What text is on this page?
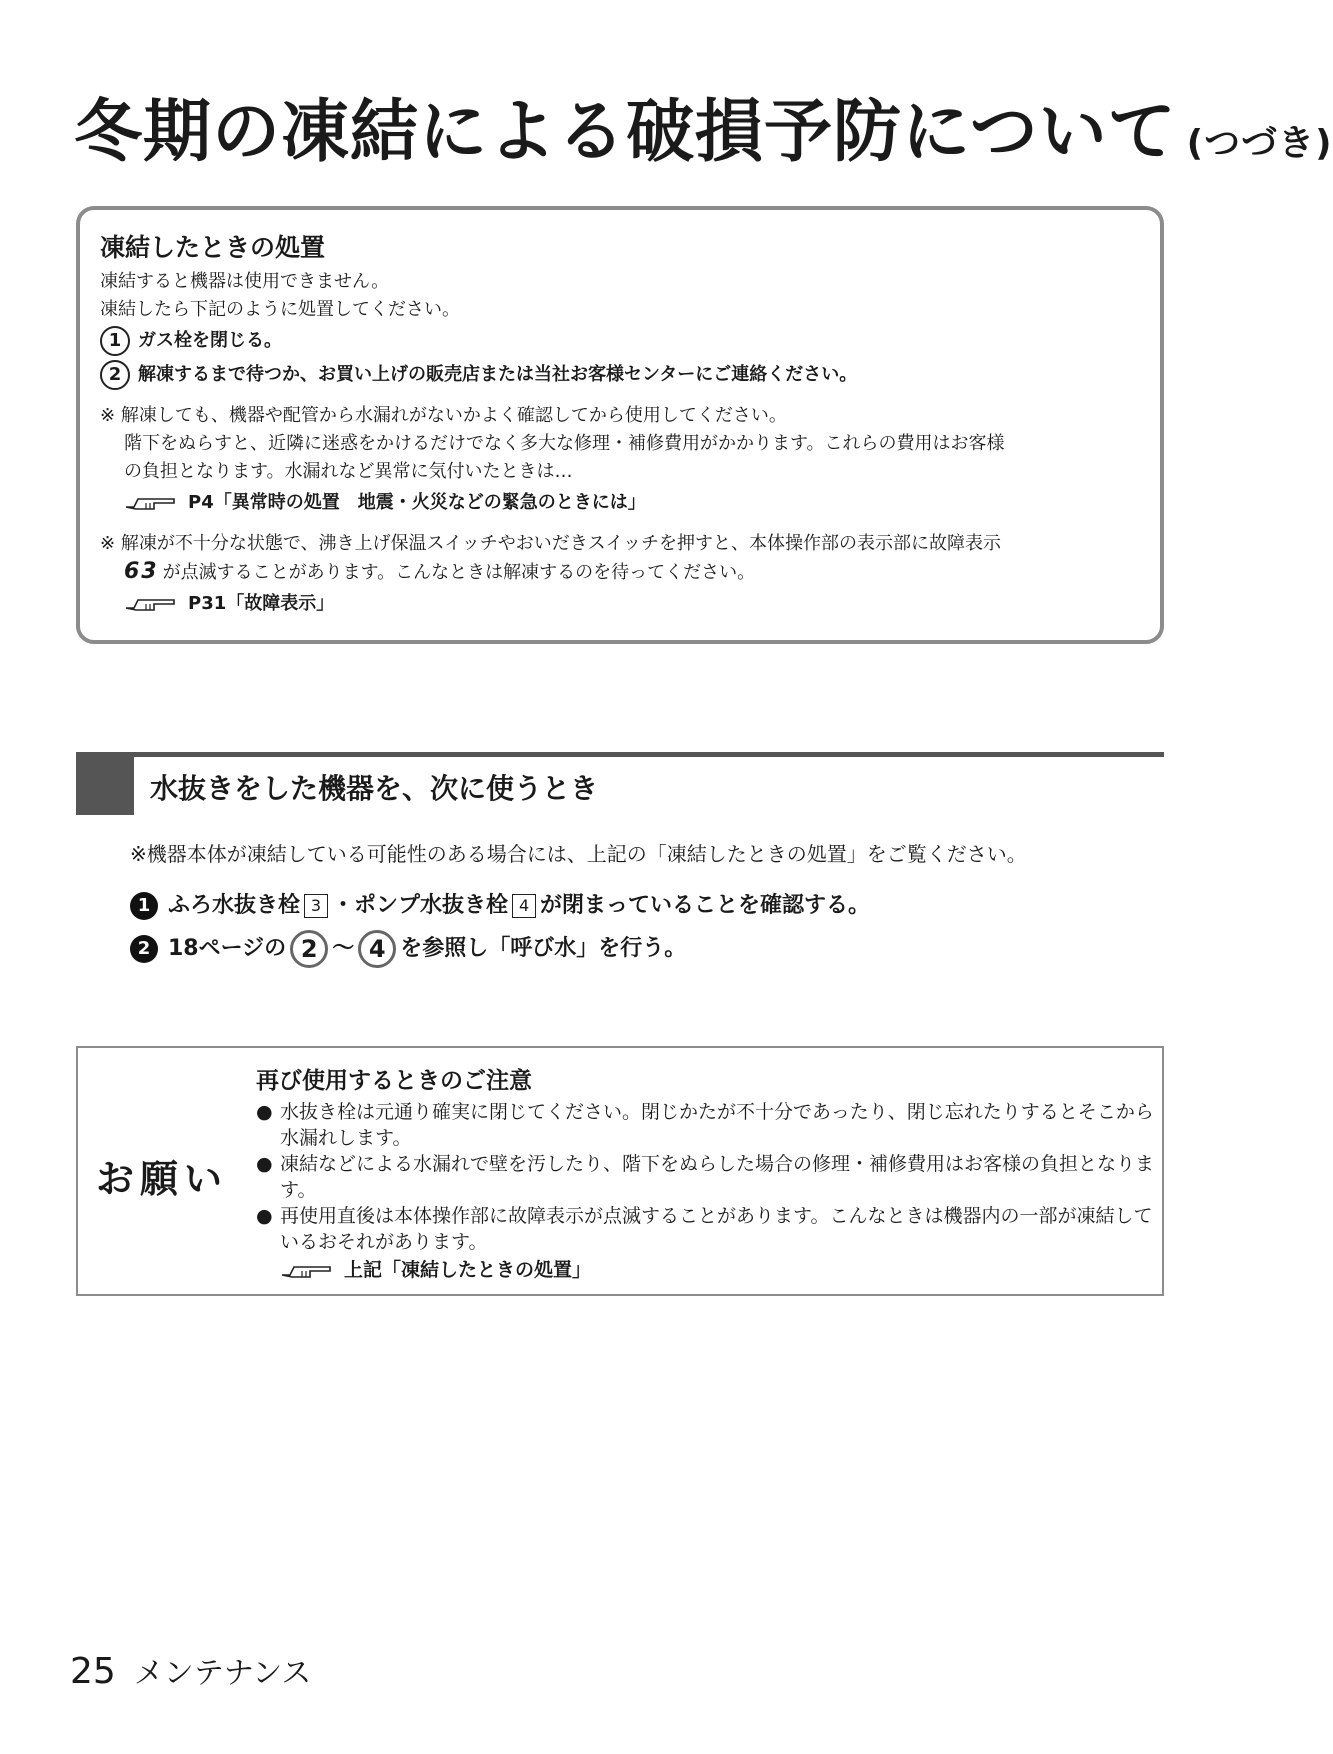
冬期の凍結による破損予防について (つづき)
凍結したときの処置
凍結すると機器は使用できません。
凍結したら下記のように処置してください。
1 ガス栓を閉じる。
2 解凍するまで待つか、お買い上げの販売店または当社お客様センターにご連絡ください。
※ 解凍しても、機器や配管から水漏れがないかよく確認してから使用してください。
階下をぬらすと、近隣に迷惑をかけるだけでなく多大な修理・補修費用がかかります。これらの費用はお客様
の負担となります。水漏れなど異常に気付いたときは…
P4「異常時の処置　地震・火災などの緊急のときには」
※ 解凍が不十分な状態で、沸き上げ保温スイッチやおいだきスイッチを押すと、本体操作部の表示部に故障表示
63 が点滅することがあります。こんなときは解凍するのを待ってください。
P31「故障表示」
水抜きをした機器を、次に使うとき
※機器本体が凍結している可能性のある場合には、上記の「凍結したときの処置」をご覧ください。
1 ふろ水抜き栓 3 ・ポンプ水抜き栓 4 が閉まっていることを確認する。
2 18ページの 2 〜 4 を参照し「呼び水」を行う。
お願い
再び使用するときのご注意
● 水抜き栓は元通り確実に閉じてください。閉じかたが不十分であったり、閉じ忘れたりするとそこから水漏れします。
● 凍結などによる水漏れで壁を汚したり、階下をぬらした場合の修理・補修費用はお客様の負担となります。
● 再使用直後は本体操作部に故障表示が点滅することがあります。こんなときは機器内の一部が凍結しているおそれがあります。
上記「凍結したときの処置」
25 メンテナンス
